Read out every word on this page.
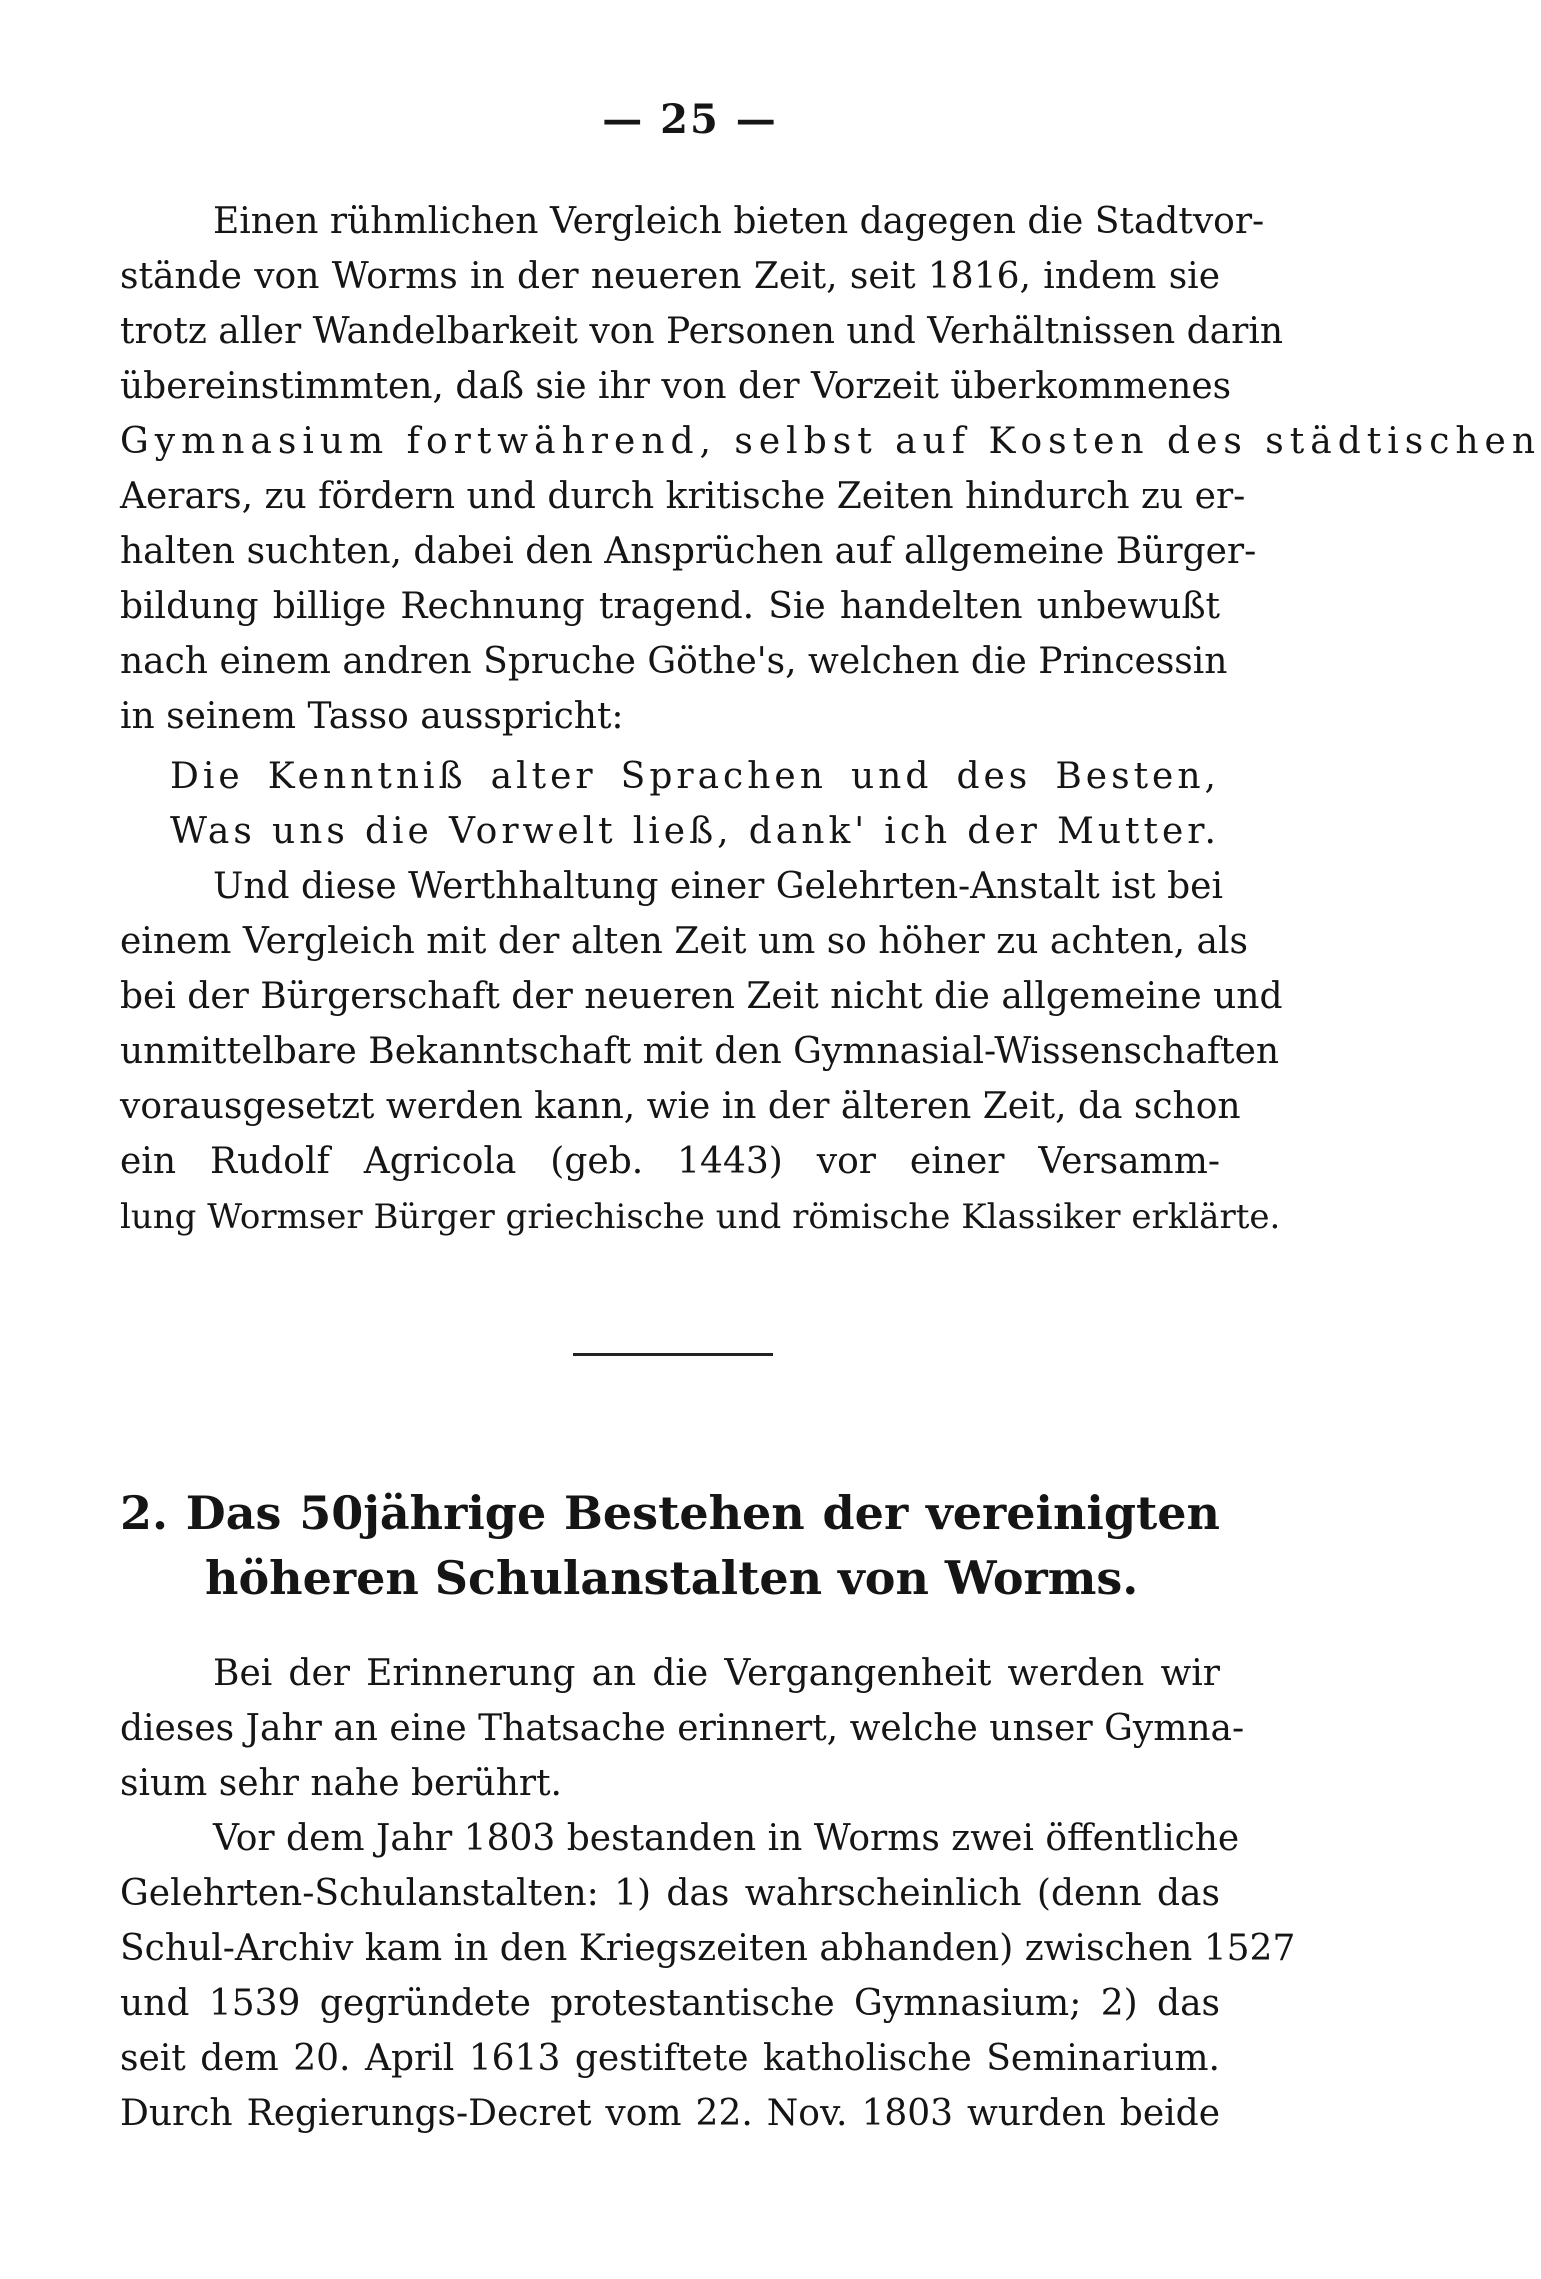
— 25 —
Einen rühmlichen Vergleich bieten dagegen die Stadtvor-
stände von Worms in der neueren Zeit, seit 1816, indem sie
trotz aller Wandelbarkeit von Personen und Verhältnissen darin
übereinstimmten, daß sie ihr von der Vorzeit überkommenes
Gymnasium fortwährend, selbst auf Kosten des städtischen
Aerars, zu fördern und durch kritische Zeiten hindurch zu er-
halten suchten, dabei den Ansprüchen auf allgemeine Bürger-
bildung billige Rechnung tragend. Sie handelten unbewußt
nach einem andren Spruche Göthe's, welchen die Princessin
in seinem Tasso ausspricht:
Die Kenntniß alter Sprachen und des Besten,
Was uns die Vorwelt ließ, dank' ich der Mutter.
Und diese Werthhaltung einer Gelehrten-Anstalt ist bei
einem Vergleich mit der alten Zeit um so höher zu achten, als
bei der Bürgerschaft der neueren Zeit nicht die allgemeine und
unmittelbare Bekanntschaft mit den Gymnasial-Wissenschaften
vorausgesetzt werden kann, wie in der älteren Zeit, da schon
ein Rudolf Agricola (geb. 1443) vor einer Versamm-
lung Wormser Bürger griechische und römische Klassiker erklärte.
2. Das 50jährige Bestehen der vereinigten
höheren Schulanstalten von Worms.
Bei der Erinnerung an die Vergangenheit werden wir
dieses Jahr an eine Thatsache erinnert, welche unser Gymna-
sium sehr nahe berührt.
Vor dem Jahr 1803 bestanden in Worms zwei öffentliche
Gelehrten-Schulanstalten: 1) das wahrscheinlich (denn das
Schul-Archiv kam in den Kriegszeiten abhanden) zwischen 1527
und 1539 gegründete protestantische Gymnasium; 2) das
seit dem 20. April 1613 gestiftete katholische Seminarium.
Durch Regierungs-Decret vom 22. Nov. 1803 wurden beide
